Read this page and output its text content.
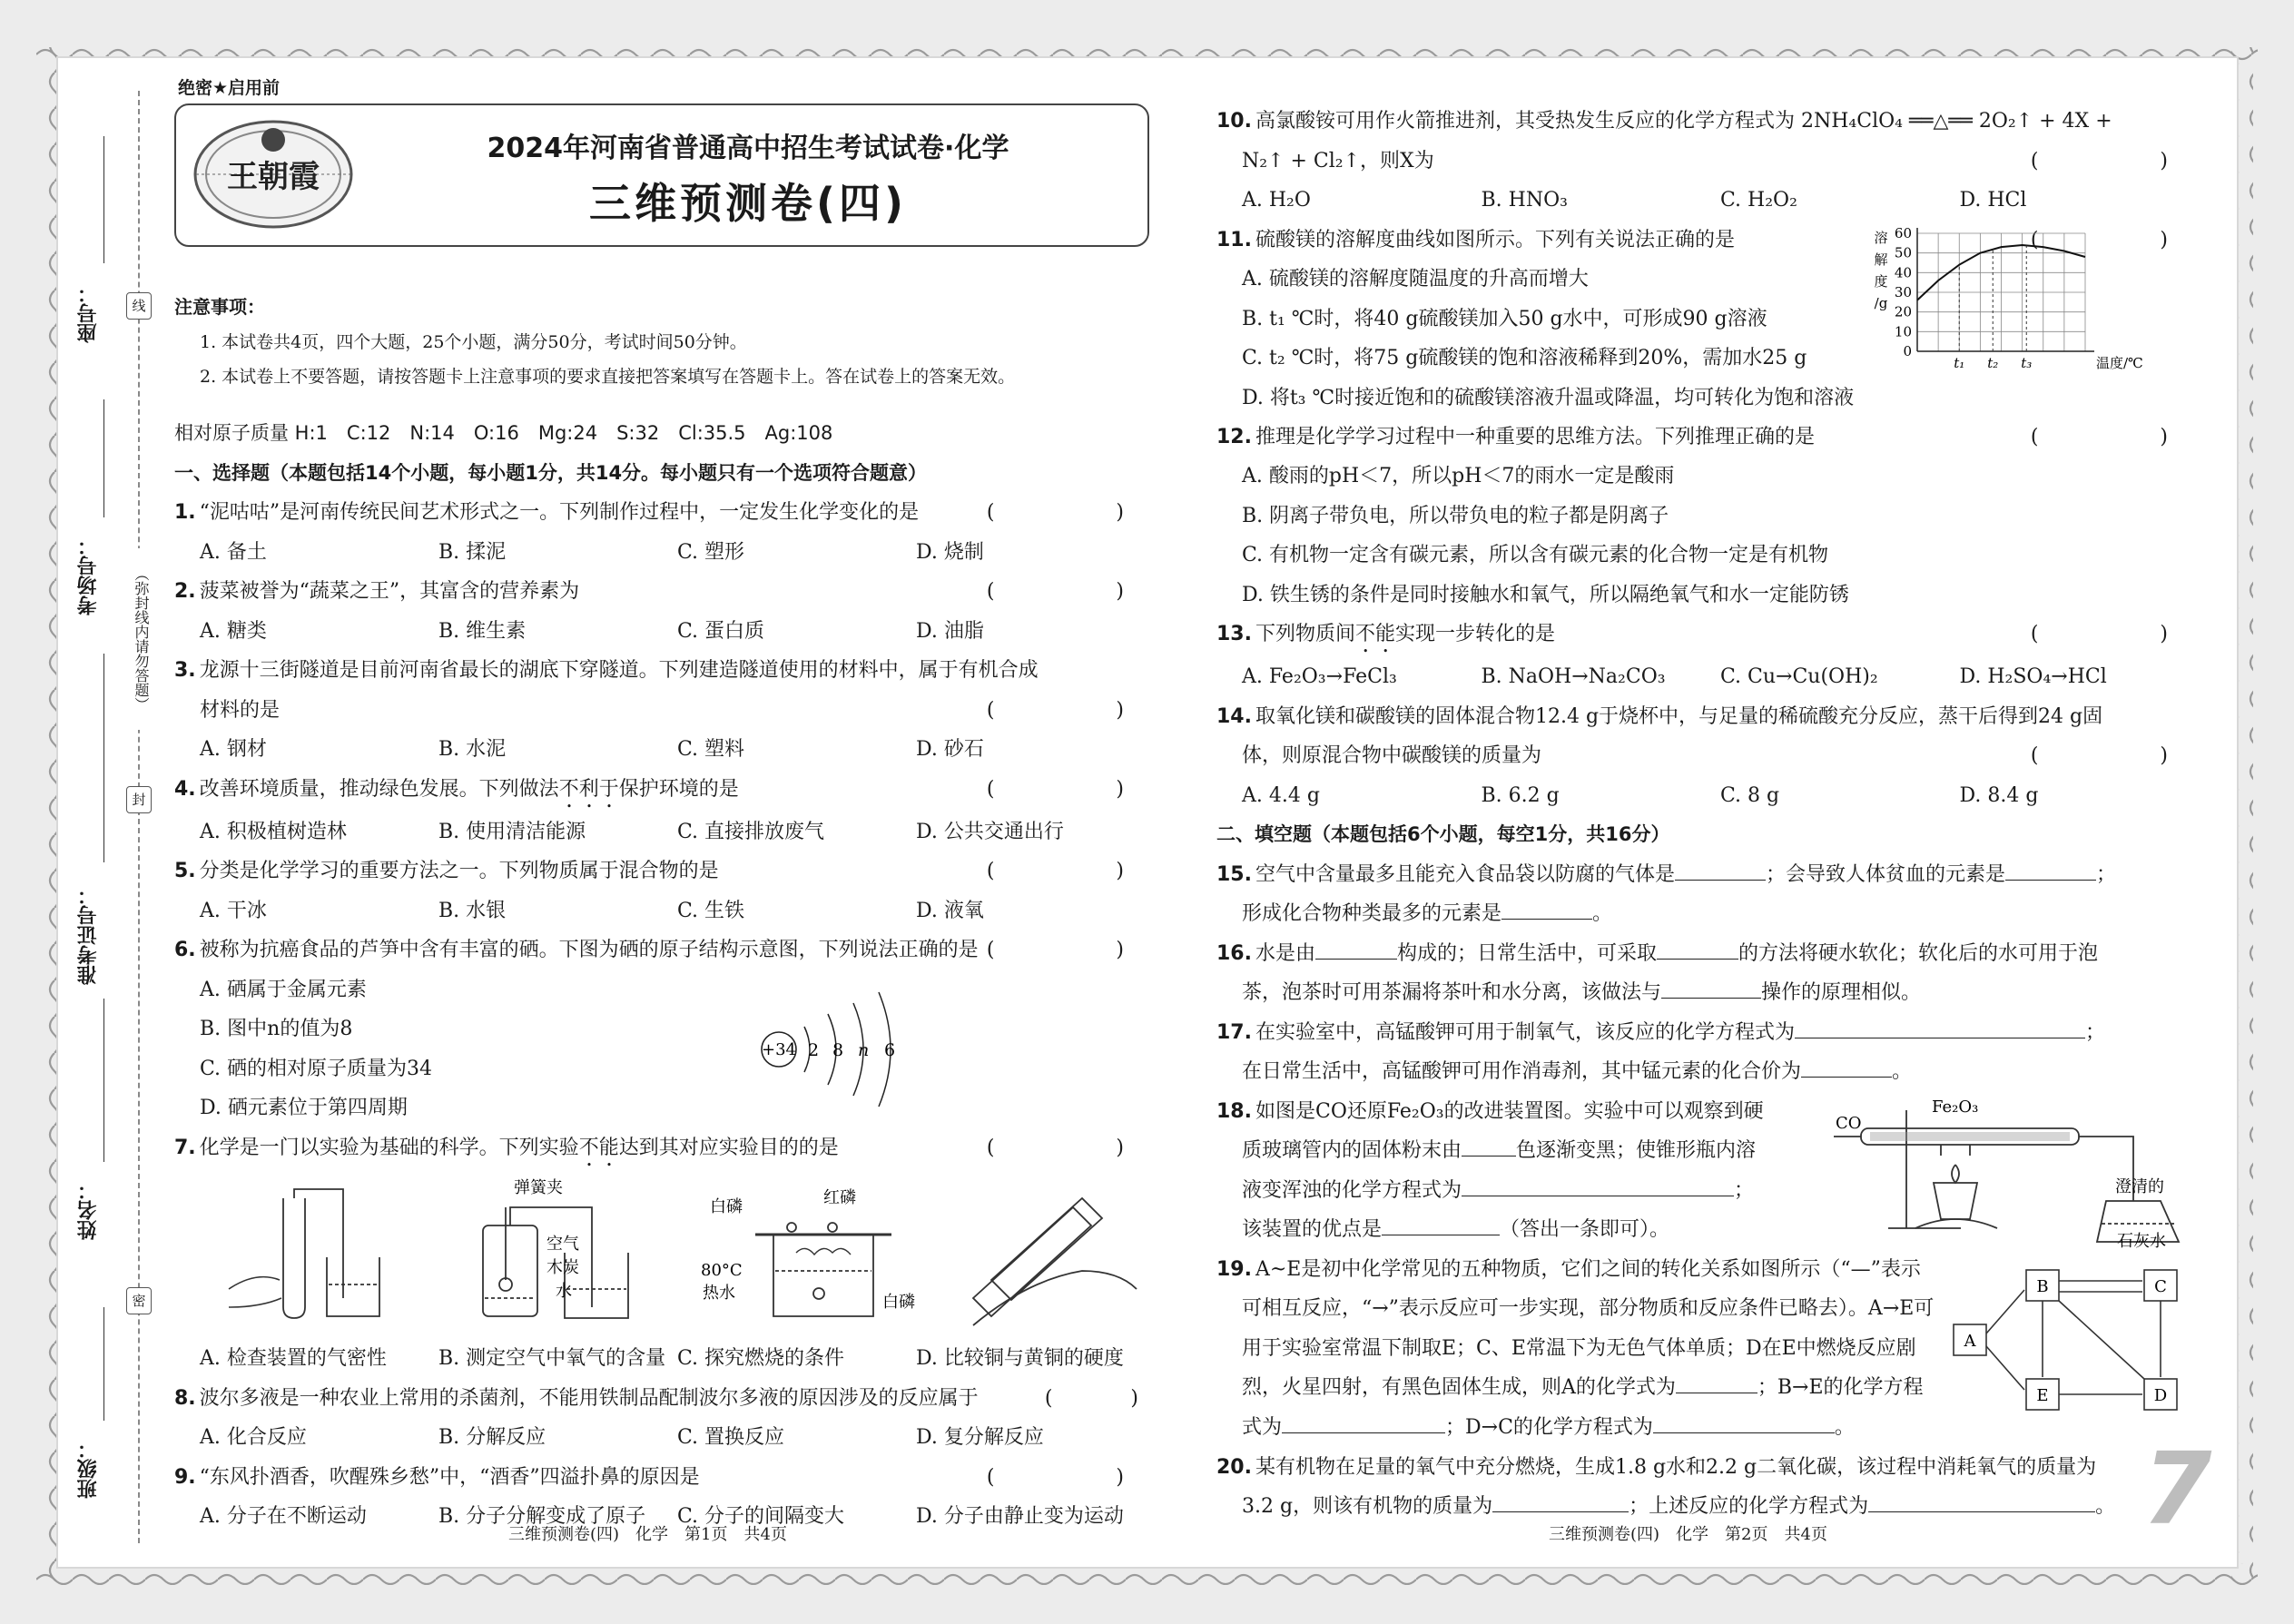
座号：
考场号：
准考证号：
姓名：
班级：
线
封
密
（弥封线内请勿答题）
绝密★启用前
王朝霞
2024年河南省普通高中招生考试试卷·化学
三维预测卷(四)
注意事项：
1. 本试卷共4页，四个大题，25个小题，满分50分，考试时间50分钟。
2. 本试卷上不要答题，请按答题卡上注意事项的要求直接把答案填写在答题卡上。答在试卷上的答案无效。
相对原子质量 H:1　C:12　N:14　O:16　Mg:24　S:32　Cl:35.5　Ag:108
一、选择题（本题包括14个小题，每小题1分，共14分。每小题只有一个选项符合题意）
1. “泥咕咕”是河南传统民间艺术形式之一。下列制作过程中，一定发生化学变化的是	(　　)
A. 备土	B. 揉泥	C. 塑形	D. 烧制
2. 菠菜被誉为“蔬菜之王”，其富含的营养素为	(　　)
A. 糖类	B. 维生素	C. 蛋白质	D. 油脂
3. 龙源十三街隧道是目前河南省最长的湖底下穿隧道。下列建造隧道使用的材料中，属于有机合成
材料的是	(　　)
A. 钢材	B. 水泥	C. 塑料	D. 砂石
4. 改善环境质量，推动绿色发展。下列做法 不利于 保护环境的是	(　　)
A. 积极植树造林	B. 使用清洁能源	C. 直接排放废气	D. 公共交通出行
5. 分类是化学学习的重要方法之一。下列物质属于混合物的是	(　　)
A. 干冰	B. 水银	C. 生铁	D. 液氧
6. 被称为抗癌食品的芦笋中含有丰富的硒。下图为硒的原子结构示意图，下列说法正确的是 (　　)
A. 硒属于金属元素
B. 图中n的值为8
C. 硒的相对原子质量为34
D. 硒元素位于第四周期
+34 2 8 n 6
7. 化学是一门以实验为基础的科学。下列实验 不能 达到其对应实验目的的是	(　　)
弹簧夹
空气
木炭
水
白磷	红磷
80°C
热水	白磷
A. 检查装置的气密性	B. 测定空气中氧气的含量 C. 探究燃烧的条件	D. 比较铜与黄铜的硬度
8. 波尔多液是一种农业上常用的杀菌剂，不能用铁制品配制波尔多液的原因涉及的反应属于	(　　)
A. 化合反应	B. 分解反应	C. 置换反应	D. 复分解反应
9. “东风扑酒香，吹醒殊乡愁”中，“酒香”四溢扑鼻的原因是	(　　)
A. 分子在不断运动	B. 分子分解变成了原子	C. 分子的间隔变大	D. 分子由静止变为运动
10. 高氯酸铵可用作火箭推进剂，其受热发生反应的化学方程式为 2NH₄ClO₄ ══△══ 2O₂↑ + 4X +
N₂↑ + Cl₂↑，则X为	(　　)
A. H₂O	B. HNO₃	C. H₂O₂	D. HCl
11. 硫酸镁的溶解度曲线如图所示。下列有关说法正确的是
A. 硫酸镁的溶解度随温度的升高而增大
B. t₁ ℃时，将40 g硫酸镁加入50 g水中，可形成90 g溶液
C. t₂ ℃时，将75 g硫酸镁的饱和溶液稀释到20%，需加水25 g
D. 将t₃ ℃时接近饱和的硫酸镁溶液升温或降温，均可转化为饱和溶液
(　　)
0
10
20
30
40
50
60
t₁ t₂ t₃	温度/℃
溶
解
度
/g
12. 推理是化学学习过程中一种重要的思维方法。下列推理正确的是	(　　)
A. 酸雨的pH＜7，所以pH＜7的雨水一定是酸雨
B. 阴离子带负电，所以带负电的粒子都是阴离子
C. 有机物一定含有碳元素，所以含有碳元素的化合物一定是有机物
D. 铁生锈的条件是同时接触水和氧气，所以隔绝氧气和水一定能防锈
13. 下列物质间 不能 实现一步转化的是	(　　)
A. Fe₂O₃→FeCl₃	B. NaOH→Na₂CO₃	C. Cu→Cu(OH)₂	D. H₂SO₄→HCl
14. 取氧化镁和碳酸镁的固体混合物12.4 g于烧杯中，与足量的稀硫酸充分反应，蒸干后得到24 g固
体，则原混合物中碳酸镁的质量为	(　　)
A. 4.4 g	B. 6.2 g	C. 8 g	D. 8.4 g
二、填空题（本题包括6个小题，每空1分，共16分）
15. 空气中含量最多且能充入食品袋以防腐的气体是	；会导致人体贫血的元素是	；
形成化合物种类最多的元素是	。
16. 水是由	构成的；日常生活中，可采取	的方法将硬水软化；软化后的水可用于泡
茶，泡茶时可用茶漏将茶叶和水分离，该做法与	操作的原理相似。
17. 在实验室中，高锰酸钾可用于制氧气，该反应的化学方程式为	；
在日常生活中，高锰酸钾可用作消毒剂，其中锰元素的化合价为	。
18. 如图是CO还原Fe₂O₃的改进装置图。实验中可以观察到硬
质玻璃管内的固体粉末由	色逐渐变黑；使锥形瓶内溶
液变浑浊的化学方程式为	；
该装置的优点是	（答出一条即可）。
CO
Fe₂O₃
澄清的
石灰水
19. A~E是初中化学常见的五种物质，它们之间的转化关系如图所示（“—”表示
可相互反应，“→”表示反应可一步实现，部分物质和反应条件已略去）。A→E可
用于实验室常温下制取E；C、E常温下为无色气体单质；D在E中燃烧反应剧
烈，火星四射，有黑色固体生成，则A的化学式为	；B→E的化学方程
式为	；D→C的化学方程式为	。
A
B	C
D
E
20. 某有机物在足量的氧气中充分燃烧，生成1.8 g水和2.2 g二氧化碳，该过程中消耗氧气的质量为
3.2 g，则该有机物的质量为	；上述反应的化学方程式为	。
三维预测卷(四)　化学　第1页　共4页	三维预测卷(四)　化学　第2页　共4页	7
